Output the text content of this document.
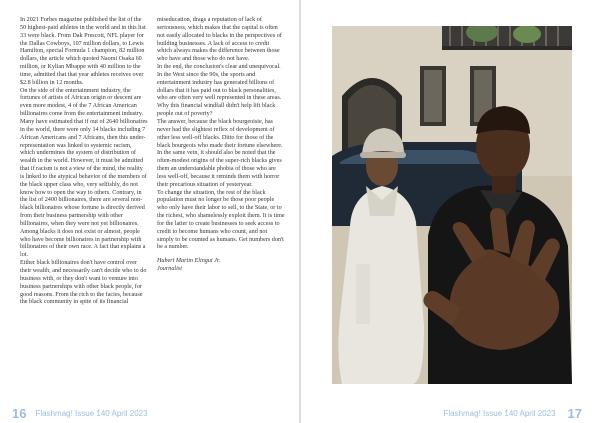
In 2021 Forbes magazine published the list of the 50 highest-paid athletes in the world and in this list 33 were black. From Dak Prescott, NFL player for the Dallas Cowboys, 107 million dollars, to Lewis Hamilton, special Formula 1 champion, 82 million dollars, the article which quoted Naomi Osaka 60 million, or Kylian Mbappe with 40 million to the time, admitted that that year athletes receives over $2.8 billion in 12 months.

On the side of the entertainment industry, the fortunes of artists of African origin or descent are even more modest, 4 of the 7 African American billionaires come from the entertainment industry. Many have estimated that if out of 2640 billionaires in the world, there were only 14 blacks including 7 African Americans and 7 Africans, then this under-representation was linked to systemic racism, which undermines the system of distribution of wealth in the world. However, it must be admitted that if racism is not a view of the mind, the reality is linked to the atypical behavior of the members of the black upper class who, very selfishly, do not know how to open the way to others. Contrary, in the list of 2400 billionaires, there are several non-black billionaires whose fortune is directly derived from their business partnership with other billionaires, when they were not yet billionaires. Among blacks it does not exist or almost, people who have become billionaires in partnership with billionaires of their own race. A fact that explains a lot.

Either black billionaires don't have control over their wealth, and necessarily can't decide who to do business with, or they don't want to venture into business partnerships with other black people, for good reasons. From the rich to the facies, because the black community in spite of its financial

miseducation, drags a reputation of lack of seriousness, which makes that the capital is often not easily allocated to blacks in the perspectives of building businesses. A lack of access to credit which always makes the difference between those who have and those who do not have.

In the end, the conclusion's clear and unequivocal. In the West since the 90s, the sports and entertainment industry has generated billions of dollars that it has paid out to black personalities, who are often very well represented in these areas. Why this financial windfall didn't help lift black people out of poverty?

The answer, because the black bourgeoisie, has never had the slightest reflex of development of other less well-off blacks. Ditto for those of the black bourgeois who made their fortune elsewhere. In the same vein, it should also be noted that the often-modest origins of the super-rich blacks gives them an understandable phobia of those who are less well-off, because it reminds them with horror their precarious situation of yesteryear.

To change the situation, the rest of the black population must no longer be those poor people who only have their labor to sell, to the State, or to the richest, who shamelessly exploit them. It is time for the latter to create businesses to seek access to credit to become humans who count, and not simply to be counted as humans. Get numbers don't be a number.

Hubert Martin Elingui Jr.
Journalist

16 Flashmag! Issue 140 April 2023	Flashmag! Issue 140 April 2023 17
